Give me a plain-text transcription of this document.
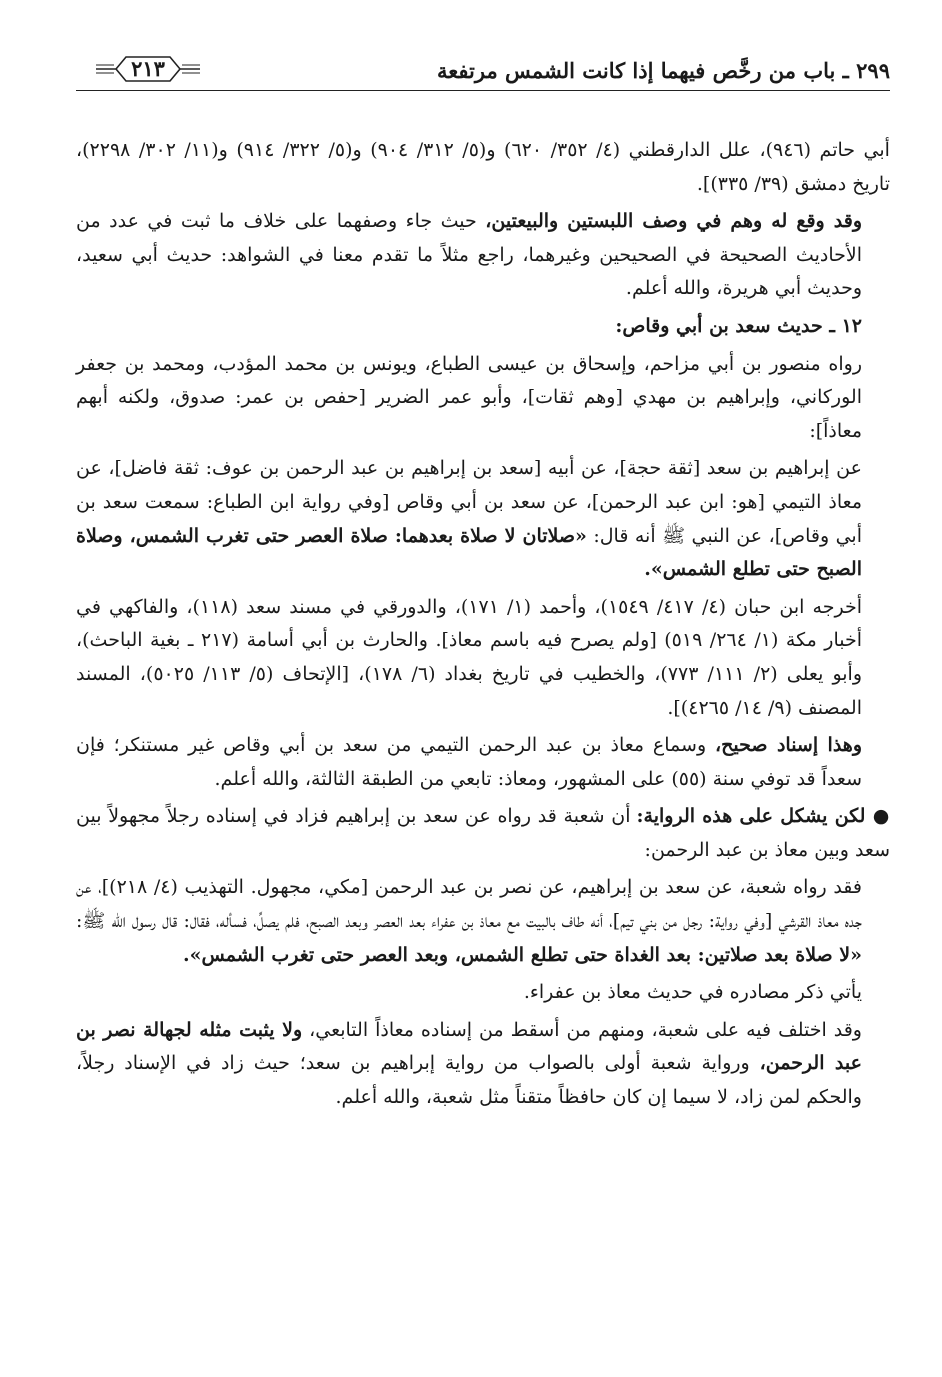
٢٩٩ ـ باب من رخَّص فيهما إذا كانت الشمس مرتفعة
٢١٣

أبي حاتم (٩٤٦)، علل الدارقطني (٤/ ٣٥٢/ ٦٢٠) و(٥/ ٣١٢/ ٩٠٤) و(٥/ ٣٢٢/ ٩١٤) و(١١/ ٣٠٢/ ٢٢٩٨)، تاريخ دمشق (٣٩/ ٣٣٥)].

وقد وقع له وهم في وصف اللبستين والبيعتين، حيث جاء وصفهما على خلاف ما ثبت في عدد من الأحاديث الصحيحة في الصحيحين وغيرهما، راجع مثلاً ما تقدم معنا في الشواهد: حديث أبي سعيد، وحديث أبي هريرة، والله أعلم.

١٢ ـ حديث سعد بن أبي وقاص:

رواه منصور بن أبي مزاحم، وإسحاق بن عيسى الطباع، ويونس بن محمد المؤدب، ومحمد بن جعفر الوركاني، وإبراهيم بن مهدي [وهم ثقات]، وأبو عمر الضرير [حفص بن عمر: صدوق، ولكنه أبهم معاذاً]:

عن إبراهيم بن سعد [ثقة حجة]، عن أبيه [سعد بن إبراهيم بن عبد الرحمن بن عوف: ثقة فاضل]، عن معاذ التيمي [هو: ابن عبد الرحمن]، عن سعد بن أبي وقاص [وفي رواية ابن الطباع: سمعت سعد بن أبي وقاص]، عن النبي ﷺ أنه قال: «صلاتان لا صلاة بعدهما: صلاة العصر حتى تغرب الشمس، وصلاة الصبح حتى تطلع الشمس».

أخرجه ابن حبان (٤/ ٤١٧/ ١٥٤٩)، وأحمد (١/ ١٧١)، والدورقي في مسند سعد (١١٨)، والفاكهي في أخبار مكة (١/ ٢٦٤/ ٥١٩) [ولم يصرح فيه باسم معاذ]. والحارث بن أبي أسامة (٢١٧ ـ بغية الباحث)، وأبو يعلى (٢/ ١١١/ ٧٧٣)، والخطيب في تاريخ بغداد (٦/ ١٧٨)، [الإتحاف (٥/ ١١٣/ ٥٠٢٥)، المسند المصنف (٩/ ١٤/ ٤٢٦٥)].

وهذا إسناد صحيح، وسماع معاذ بن عبد الرحمن التيمي من سعد بن أبي وقاص غير مستنكر؛ فإن سعداً قد توفي سنة (٥٥) على المشهور، ومعاذ: تابعي من الطبقة الثالثة، والله أعلم.

● لكن يشكل على هذه الرواية: أن شعبة قد رواه عن سعد بن إبراهيم فزاد في إسناده رجلاً مجهولاً بين سعد وبين معاذ بن عبد الرحمن:

فقد رواه شعبة، عن سعد بن إبراهيم، عن نصر بن عبد الرحمن [مكي، مجهول. التهذيب (٤/ ٢١٨)]، عن جده معاذ القرشي [وفي رواية: رجل من بني تيم]، أنه طاف بالبيت مع معاذ بن عفراء بعد العصر وبعد الصبح، فلم يصلِّ، فسأله، فقال: قال رسول الله ﷺ: «لا صلاة بعد صلاتين: بعد الغداة حتى تطلع الشمس، وبعد العصر حتى تغرب الشمس».

يأتي ذكر مصادره في حديث معاذ بن عفراء.

وقد اختلف فيه على شعبة، ومنهم من أسقط من إسناده معاذاً التابعي، ولا يثبت مثله لجهالة نصر بن عبد الرحمن، ورواية شعبة أولى بالصواب من رواية إبراهيم بن سعد؛ حيث زاد في الإسناد رجلاً، والحكم لمن زاد، لا سيما إن كان حافظاً متقناً مثل شعبة، والله أعلم.
